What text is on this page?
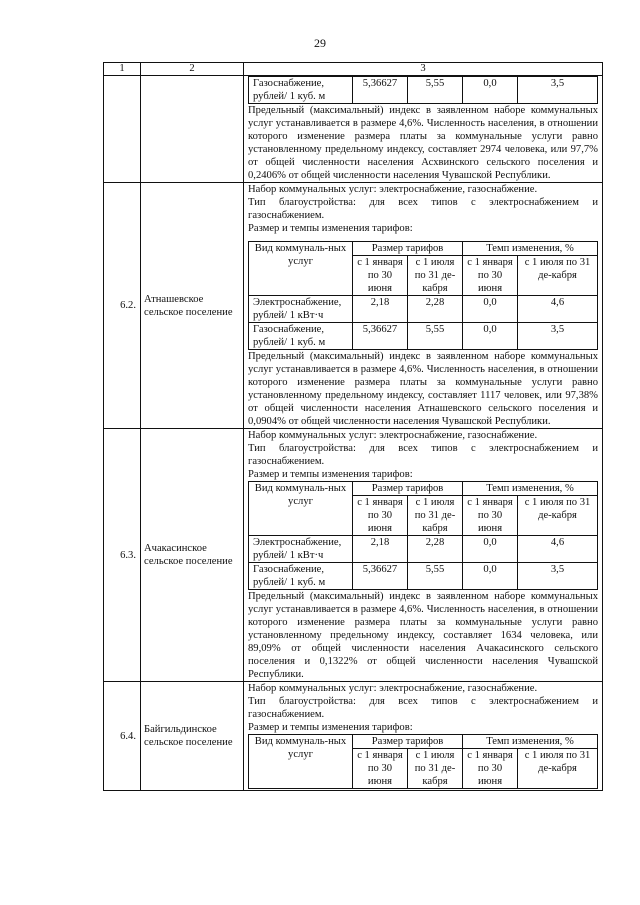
29
1	2	3

Газоснабжение, рублей/ 1 куб. м	5,36627	5,55	0,0	3,5

Предельный (максимальный) индекс в заявленном наборе коммунальных услуг устанавливается в размере 4,6%. Численность населения, в отношении которого изменение размера платы за коммунальные услуги равно установленному предельному индексу, составляет 2974 человека, или 97,7% от общей численности населения Асхвинского сельского поселения и 0,2406% от общей численности населения Чувашской Республики.

6.2.	Атнашевское сельское поселение	

Набор коммунальных услуг: электроснабжение, газоснабжение.

Тип благоустройства: для всех типов с электроснабжением и газоснабжением.

Размер и темпы изменения тарифов:

Вид коммуналь-ных услуг	Размер тарифов	Темп изменения, %
с 1 января по 30 июня	с 1 июля по 31 де-кабря	с 1 января по 30 июня	с 1 июля по 31 де-кабря
Электроснабжение, рублей/ 1 кВт·ч	2,18	2,28	0,0	4,6
Газоснабжение, рублей/ 1 куб. м	5,36627	5,55	0,0	3,5

Предельный (максимальный) индекс в заявленном наборе коммунальных услуг устанавливается в размере 4,6%. Численность населения, в отношении которого изменение размера платы за коммунальные услуги равно установленному предельному индексу, составляет 1117 человек, или 97,38% от общей численности населения Атнашевского сельского поселения и 0,0904% от общей численности населения Чувашской Республики.

6.3.	Ачакасинское сельское поселение	

Набор коммунальных услуг: электроснабжение, газоснабжение.

Тип благоустройства: для всех типов с электроснабжением и газоснабжением.

Размер и темпы изменения тарифов:

Вид коммуналь-ных услуг	Размер тарифов	Темп изменения, %
с 1 января по 30 июня	с 1 июля по 31 де-кабря	с 1 января по 30 июня	с 1 июля по 31 де-кабря
Электроснабжение, рублей/ 1 кВт·ч	2,18	2,28	0,0	4,6
Газоснабжение, рублей/ 1 куб. м	5,36627	5,55	0,0	3,5

Предельный (максимальный) индекс в заявленном наборе коммунальных услуг устанавливается в размере 4,6%. Численность населения, в отношении которого изменение размера платы за коммунальные услуги равно установленному предельному индексу, составляет 1634 человека, или 89,09% от общей численности населения Ачакасинского сельского поселения и 0,1322% от общей численности населения Чувашской Республики.

6.4.	Байгильдинское сельское поселение	

Набор коммунальных услуг: электроснабжение, газоснабжение.

Тип благоустройства: для всех типов с электроснабжением и газоснабжением.

Размер и темпы изменения тарифов:

Вид коммуналь-ных услуг	Размер тарифов	Темп изменения, %
с 1 января по 30 июня	с 1 июля по 31 де-кабря	с 1 января по 30 июня	с 1 июля по 31 де-кабря
